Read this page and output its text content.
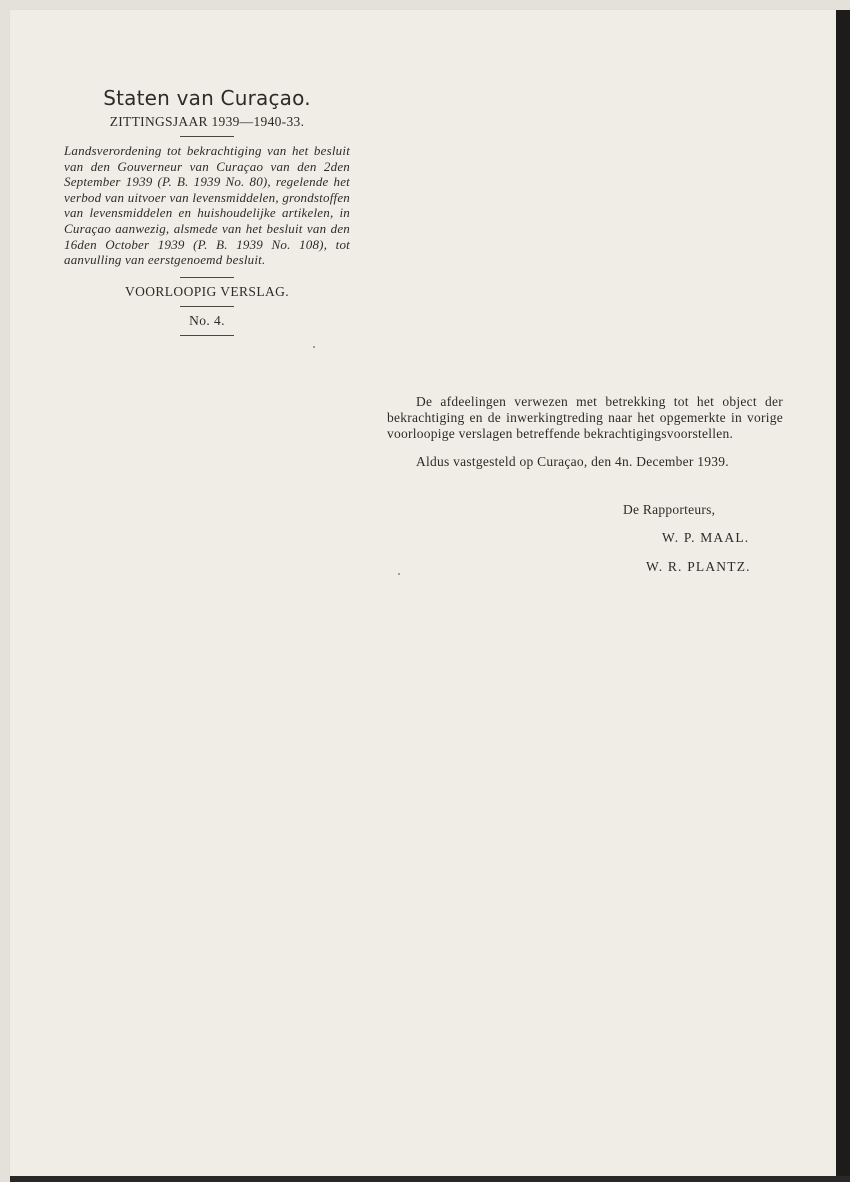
Staten van Curaçao.

ZITTINGSJAAR 1939—1940-33.

Landsverordening tot bekrachtiging van het besluit van den Gouverneur van Curaçao van den 2den September 1939 (P. B. 1939 No. 80), regelende het verbod van uitvoer van levensmiddelen, grondstoffen van levensmiddelen en huishoudelijke artikelen, in Curaçao aanwezig, alsmede van het besluit van den 16den October 1939 (P. B. 1939 No. 108), tot aanvulling van eerstgenoemd besluit.

VOORLOOPIG VERSLAG.

No. 4.

De afdeelingen verwezen met betrekking tot het object der bekrachtiging en de inwerkingtreding naar het opgemerkte in vorige voorloopige verslagen betreffende bekrachtigingsvoorstellen.

Aldus vastgesteld op Curaçao, den 4n. December 1939.

De Rapporteurs,
W. P. MAAL.
W. R. PLANTZ.
